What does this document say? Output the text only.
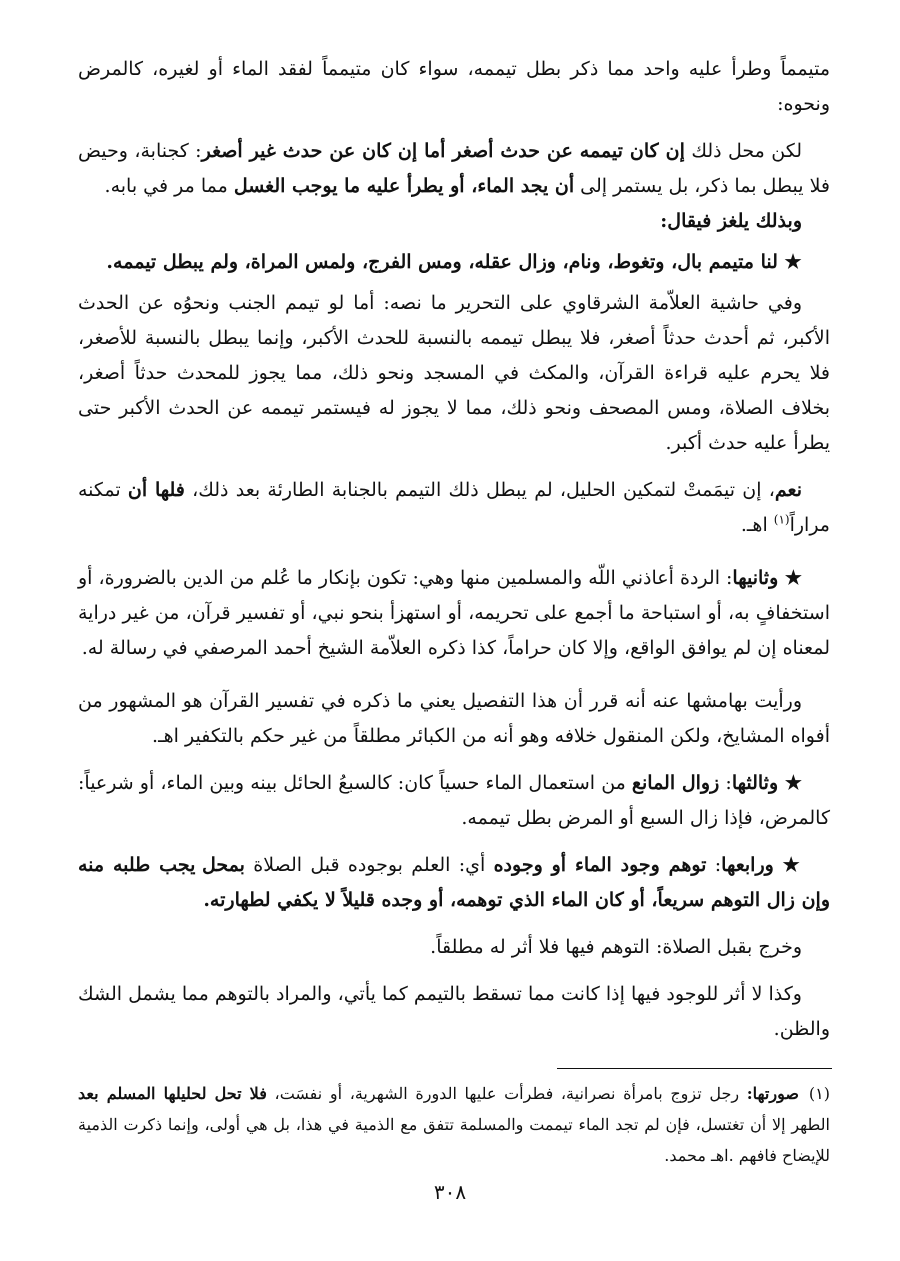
متيمماً وطرأ عليه واحد مما ذكر بطل تيممه، سواء كان متيمماً لفقد الماء أو لغيره، كالمرض ونحوه:

لكن محل ذلك إن كان تيممه عن حدث أصغر أما إن كان عن حدث غير أصغر: كجنابة، وحيض فلا يبطل بما ذكر، بل يستمر إلى أن يجد الماء، أو يطرأ عليه ما يوجب الغسل مما مر في بابه.

وبذلك يلغز فيقال:

★ لنا متيمم بال، وتغوط، ونام، وزال عقله، ومس الفرج، ولمس المراة، ولم يبطل تيممه.

وفي حاشية العلاّمة الشرقاوي على التحرير ما نصه: أما لو تيمم الجنب ونحوُه عن الحدث الأكبر، ثم أحدث حدثاً أصغر، فلا يبطل تيممه بالنسبة للحدث الأكبر، وإنما يبطل بالنسبة للأصغر، فلا يحرم عليه قراءة القرآن، والمكث في المسجد ونحو ذلك، مما يجوز للمحدث حدثاً أصغر، بخلاف الصلاة، ومس المصحف ونحو ذلك، مما لا يجوز له فيستمر تيممه عن الحدث الأكبر حتى يطرأ عليه حدث أكبر.

نعم، إن تيمَمتْ لتمكين الحليل، لم يبطل ذلك التيمم بالجنابة الطارئة بعد ذلك، فلها أن تمكنه مراراً$^{(١)}$ اهـ.

★ وثانيها: الردة أعاذني اللّه والمسلمين منها وهي: تكون بإنكار ما عُلم من الدين بالضرورة، أو استخفافٍ به، أو استباحة ما أجمع على تحريمه، أو استهزأ بنحو نبي، أو تفسير قرآن، من غير دراية لمعناه إن لم يوافق الواقع، وإلا كان حراماً، كذا ذكره العلاّمة الشيخ أحمد المرصفي في رسالة له.

ورأيت بهامشها عنه أنه قرر أن هذا التفصيل يعني ما ذكره في تفسير القرآن هو المشهور من أفواه المشايخ، ولكن المنقول خلافه وهو أنه من الكبائر مطلقاً من غير حكم بالتكفير اهـ.

★ وثالثها: زوال المانع من استعمال الماء حسياً كان: كالسبعُ الحائل بينه وبين الماء، أو شرعياً: كالمرض، فإذا زال السبع أو المرض بطل تيممه.

★ ورابعها: توهم وجود الماء أو وجوده أي: العلم بوجوده قبل الصلاة بمحل يجب طلبه منه وإن زال التوهم سريعاً، أو كان الماء الذي توهمه، أو وجده قليلاً لا يكفي لطهارته.

وخرج بقبل الصلاة: التوهم فيها فلا أثر له مطلقاً.

وكذا لا أثر للوجود فيها إذا كانت مما تسقط بالتيمم كما يأتي، والمراد بالتوهم مما يشمل الشك والظن.

(١)صورتها: رجل تزوج بامرأة نصرانية، فطرأت عليها الدورة الشهرية، أو نفسَت، فلا تحل لحليلها المسلم بعد الطهر إلا أن تغتسل، فإن لم تجد الماء تيممت والمسلمة تتفق مع الذمية في هذا، بل هي أولى، وإنما ذكرت الذمية للإيضاح فافهم .اهـ محمد.
٣٠٨
